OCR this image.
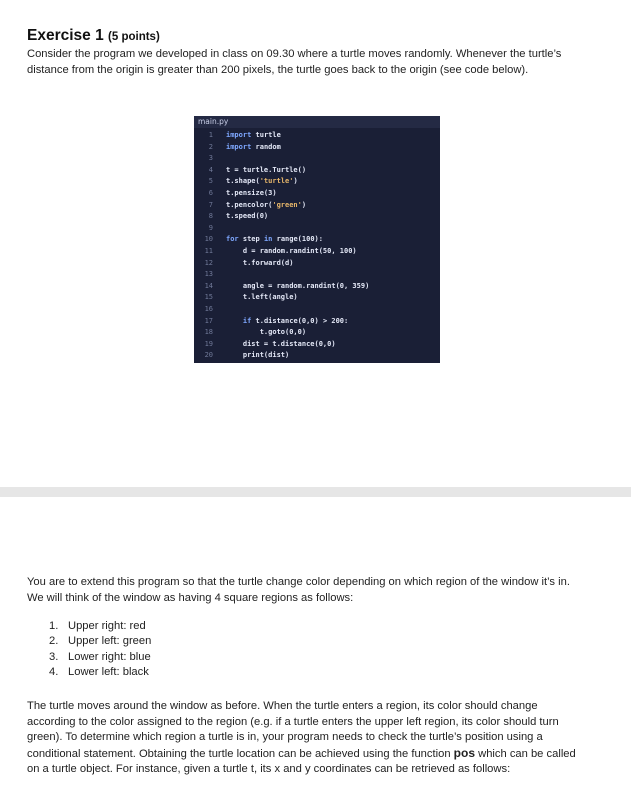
Exercise 1 (5 points)

Consider the program we developed in class on 09.30 where a turtle moves randomly. Whenever the turtle’s distance from the origin is greater than 200 pixels, the turtle goes back to the origin (see code below).

main.py
1 import turtle
2 import random
3
4 t = turtle.Turtle()
5 t.shape('turtle')
6 t.pensize(3)
7 t.pencolor('green')
8 t.speed(0)
9
10 for step in range(100):
11 d = random.randint(50, 100)
12 t.forward(d)
13
14 angle = random.randint(0, 359)
15 t.left(angle)
16
17	if t.distance(0,0) > 200:
18 t.goto(0,0)
19 dist = t.distance(0,0)
20 print(dist)

You are to extend this program so that the turtle change color depending on which region of the window it’s in. We will think of the window as having 4 square regions as follows:

1. Upper right: red
2. Upper left: green
3. Lower right: blue
4. Lower left: black

The turtle moves around the window as before. When the turtle enters a region, its color should change according to the color assigned to the region (e.g. if a turtle enters the upper left region, its color should turn green). To determine which region a turtle is in, your program needs to check the turtle’s position using a conditional statement. Obtaining the turtle location can be achieved using the function pos which can be called on a turtle object. For instance, given a turtle t, its x and y coordinates can be retrieved as follows:
